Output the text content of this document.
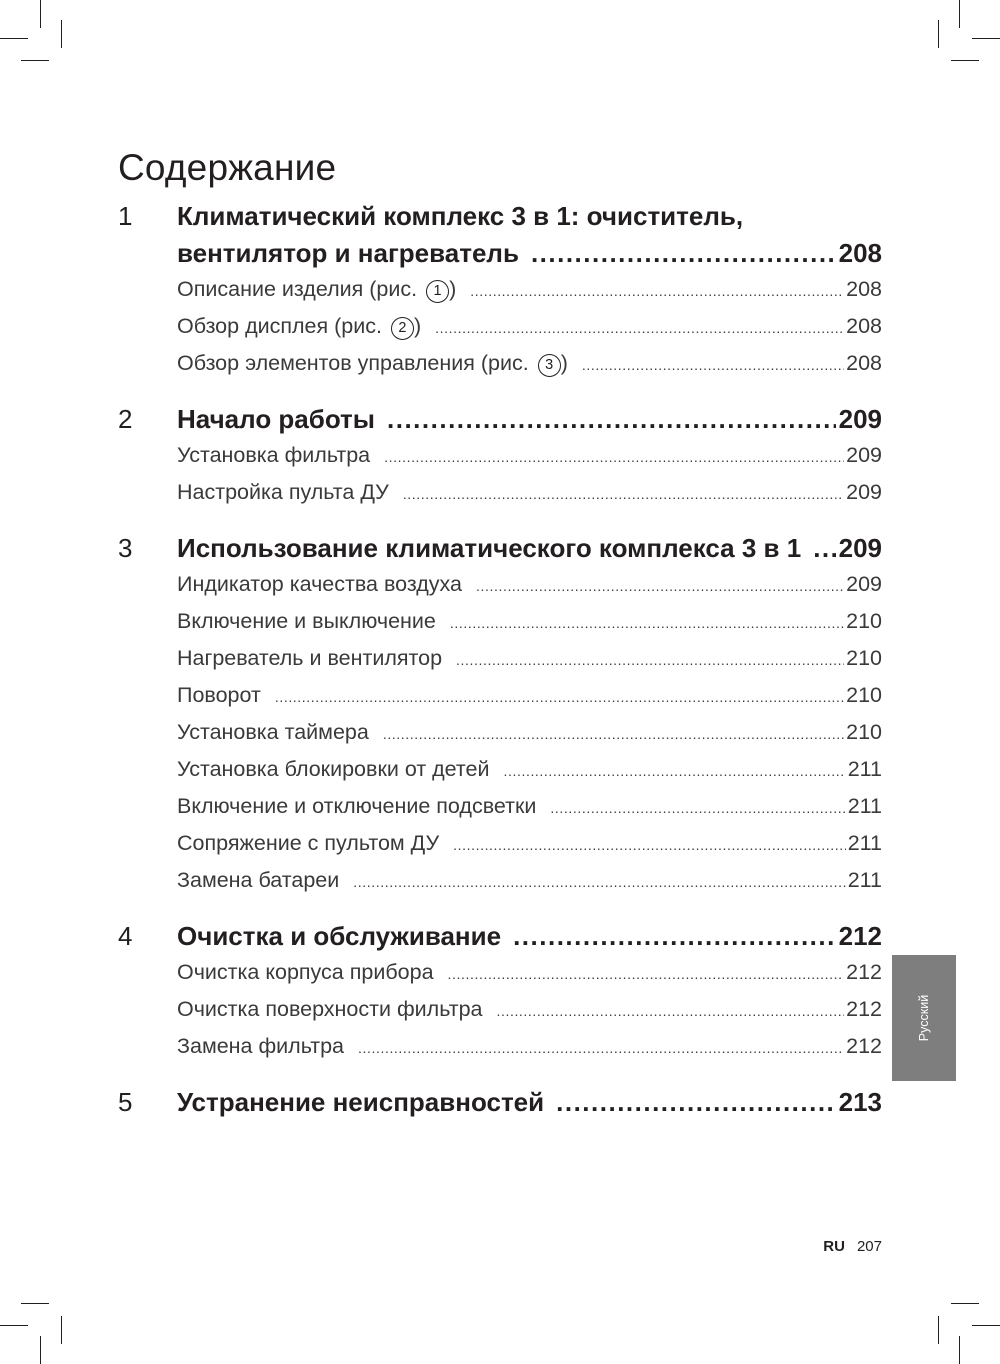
Содержание
1 Климатический комплекс 3 в 1: очиститель,
вентилятор и нагреватель .....	208
Описание изделия (рис. 1 ) .....	208
Обзор дисплея (рис. 2 ) .....	208
Обзор элементов управления (рис. 3 ) .....	208
2 Начало работы .....	209
Установка фильтра .....	209
Настройка пульта ДУ .....	209
3 Использование климатического комплекса 3 в 1 ..... 209
Индикатор качества воздуха .....	209
Включение и выключение .....	210
Нагреватель и вентилятор .....	210
Поворот .....	210
Установка таймера .....	210
Установка блокировки от детей .....	211
Включение и отключение подсветки .....	211
Сопряжение с пультом ДУ .....	211
Замена батареи .....	211
4 Очистка и обслуживание .....	212
Очистка корпуса прибора .....	212
Очистка поверхности фильтра .....	212
Замена фильтра .....	212
5 Устранение неисправностей .....	213
Русский
RU 207
